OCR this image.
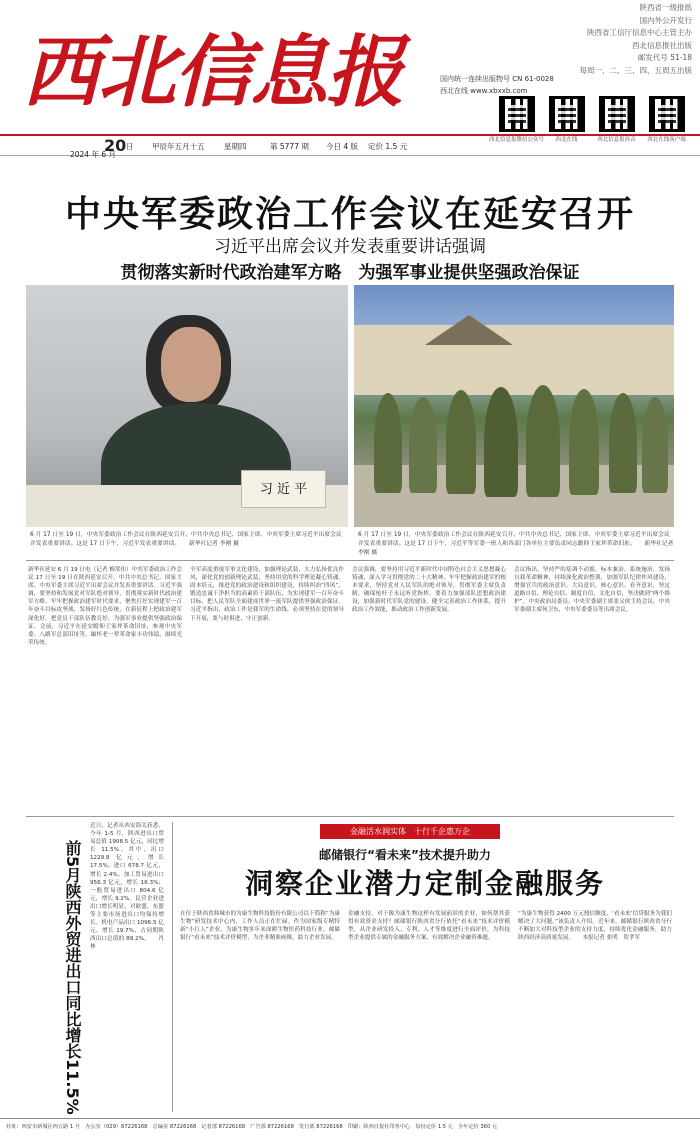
西北信息报
陕西省一级报纸
国内外公开发行
陕西省工信厅信息中心主管主办
西北信息报社出版
邮发代号 51-18
每周一、二、三、四、五周五出版
国内统一连续出版物号 CN 61-0028
西北在线 www.xbxxb.com
西北信息报微信公众号 西北在线	西北信息报抖音 西北在线客户端
20 日
2024 年 6 月
甲辰年五月十五	星期四	第 5777 期 今日 4 版 定价 1.5 元
中央军委政治工作会议在延安召开
习近平出席会议并发表重要讲话强调
贯彻落实新时代政治建军方略　为强军事业提供坚强政治保证
习 近 平
6 月 17 日至 19 日，中央军委政治工作会议在陕西延安召开。中共中央总书记、国家主席、中央军委主席习近平出席会议并发表重要讲话。这是 17 日下午，习近平发表重要讲话。　　新华社记者 李刚 摄
6 月 17 日至 19 日，中央军委政治工作会议在陕西延安召开。中共中央总书记、国家主席、中央军委主席习近平出席会议并发表重要讲话。这是 17 日下午，习近平等军委一班人和各部门各单位主要负责同志瞻仰王家坪革命旧址。　　新华社记者 李刚 摄
新华社延安 6 月 19 日电（记者 梅常伟）中央军委政治工作会议 17 日至 19 日在陕西延安召开。中共中央总书记、国家主席、中央军委主席习近平出席会议并发表重要讲话。习近平强调，要坚持和发展党对军队绝对领导，贯彻落实新时代政治建军方略，牢牢把握政治建军时代要求，聚焦打好实现建军一百年奋斗目标攻坚战，发扬好红色传统，在新征程上把政治建军深化好，把党员干部队伍教育好，为强军事业提供坚强政治保证。会前，习近平在延安瞻仰王家坪革命旧址，参观中央军委、八路军总部旧址等，缅怀老一辈革命家丰功伟绩，赓续光荣传统。
全军高度重视军事文化建设，加强理论武装，大力弘扬优良作风，深化党的创新理论武装，坚持用党的科学理论凝心铸魂、固本培元，推进党的政治建设和组织建设，持续纠治“四风”，锻造忠诚干净担当的高素质干部队伍，为实现建军一百年奋斗目标、把人民军队全面建成世界一流军队提供坚强政治保证。习近平指出，政治工作是我军的生命线，必须坚持在党的领导下开展，要与时俱进、守正创新。
会议强调，要坚持用习近平新时代中国特色社会主义思想凝心铸魂，深入学习贯彻党的二十大精神，牢牢把握政治建军的根本要求，坚持党对人民军队的绝对领导，贯彻军委主席负责制，确保枪杆子永远听党指挥。要着力加强部队思想政治建设，加强新时代军队党的建设，健全完善政治工作体系，提升政治工作效能，推动政治工作创新发展。
会议指出，坚持严的基调不动摇，标本兼治、系统施治，发扬自我革命精神，持续深化政治整训，加强军队纪律作风建设，增强官兵的政治意识、大局意识、核心意识、看齐意识，坚定道路自信、理论自信、制度自信、文化自信，坚决做到“两个维护”。中央政治局委员、中央军委副主席张又侠主持会议，中央军委副主席何卫东，中央军委委员等出席会议。
前5月陕西外贸进出口同比增长11.5%
近日，记者从西安海关获悉，今年 1-5 月，陕西进出口贸易总值 1908.5 亿元，同比增长 11.5%。其中，出口 1229.8 亿元，增长 17.5%；进口 678.7 亿元，增长 2.4%。加工贸易进出口 956.3 亿元，增长 16.3%；一般贸易进出口 804.6 亿元，增长 9.2%。民营企业进出口增长明显，对欧盟、东盟等主要市场进出口均保持增长。机电产品出口 1096.5 亿元，增长 19.7%，占同期陕西出口总值的 89.2%。　　肖林
金融活水润实体　十行千企惠万企
邮储银行“看未来”技术提升助力
洞察企业潜力定制金融服务
在位于陕西省韩城市的为康生物科技股份有限公司以下简称“为康生物”研发技术中心内，工作人员正在忙碌。作为国家级专精特新“小巨人”企业，为康生物多年来深耕生物医药科技行业。邮储银行“看未来”技术评价模型，为企业精准画像，助力企业发展。
金融支持。对于像为康生物这样有发展前景的企业，如何帮其获得有效资金支持？邮储银行陕西省分行依托“看未来”技术评价模型，从企业研发投入、专利、人才等维度进行全面评价，为科技型企业提供专属的金融服务方案，有效解决企业融资难题。
“为康生物获得 2400 万元授信额度，‘看未来’信贷服务为我们解决了大问题。”该负责人介绍，近年来，邮储银行陕西省分行不断加大对科技型企业的支持力度，持续优化金融服务，助力陕西经济高质量发展。　　本报记者 张明　贺孝军
社址：西安市新城区西五路 1 号　办公室（029）87226168　总编室 87226168　记者部 87226168　广告部 87226168　发行部 87226168　印刷：陕西日报社印务中心　每份定价 1.5 元　全年定价 360 元
